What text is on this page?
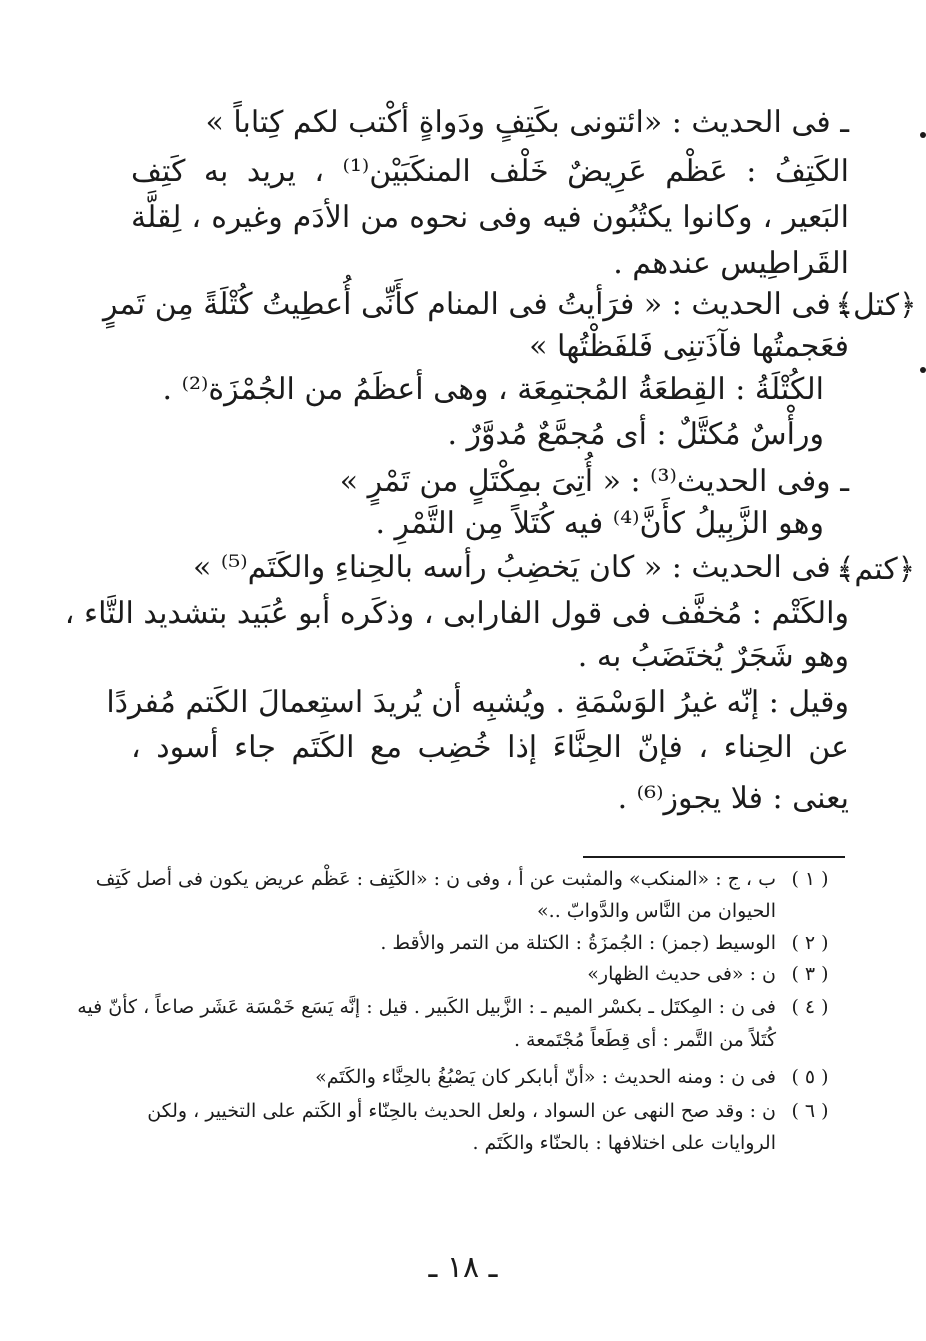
ـ فى الحديث : «ائتونى بكَتِفٍ ودَواةٍ أكْتب لكم كِتاباً »
الكَتِفُ : عَظْم عَرِيضٌ خَلْف المنكَبَيْن⁽¹⁾ ، يريد به كَتِف
البَعير ، وكانوا يكتُبُون فيه وفى نحوه من الأدَم وغيره ، لِقلَّة
القَراطِيس عندهم .
ـ فى الحديث : « فرَأيتُ فى المنام كأَنِّى أُعطِيتُ كُتْلَةً مِن تَمرٍ
فعَجمتُها فآذَتنِى فَلفَظْتُها »
الكُتْلَةُ : القِطعَةُ المُجتمِعَة ، وهى أعظَمُ من الجُمْزَة⁽²⁾ .
ورأْسٌ مُكتَّلٌ : أى مُجمَّعٌ مُدوَّرٌ .
ـ وفى الحديث⁽³⁾ : « أُتِىَ بمِكْتَلٍ من تَمْرٍ »
وهو الزَّبِيلُ كأَنَّ⁽⁴⁾ فيه كُتَلاً مِن التَّمْرِ .
ـ فى الحديث : « كان يَخضِبُ رأسه بالحِناءِ والكَتَم⁽⁵⁾ »
والكَتْم : مُخفَّف فى قول الفارابى ، وذكَره أبو عُبَيد بتشديد التَّاء ،
وهو شَجَرٌ يُختَضَبُ به .
وقيل : إنّه غيرُ الوَسْمَةِ . ويُشبِه أن يُريدَ استِعمالَ الكَتم مُفردًا
عن الحِناء ، فإنّ الحِنَّاءَ إذا خُضِب مع الكَتَم جاء أسود ،
يعنى : فلا يجوز⁽⁶⁾ .
﴿كتل﴾
﴿كتم﴾
( ١ )
ب ، ج : «المنكب» والمثبت عن أ ، وفى ن : «الكَتِف : عَظْم عريض يكون فى أصل كَتِف
الحيوان من النَّاس والدَّوابّ ..»
( ٢ )
الوسيط (جمز) : الجُمزَةُ : الكتلة من التمر والأقط .
( ٣ )
ن : «فى حديث الظهار»
( ٤ )
فى ن : المِكتَل ـ بكسْر الميم ـ : الزَّبيل الكَبير . قيل : إنَّه يَسَع خَمْسَة عَشَر صاعاً ، كأنّ فيه
كُتَلاً من التَّمر : أى قِطَعاً مُجْتَمعة .
( ٥ )
فى ن : ومنه الحديث : «أنّ أبابكر كان يَصْبُغُ بالحِنَّاء والكَتَم»
( ٦ )
ن : وقد صح النهى عن السواد ، ولعل الحديث بالحِنّاء أو الكَتم على التخيير ، ولكن
الروايات على اختلافها : بالحنّاء والكَتَم .
ـ ١٨ ـ
